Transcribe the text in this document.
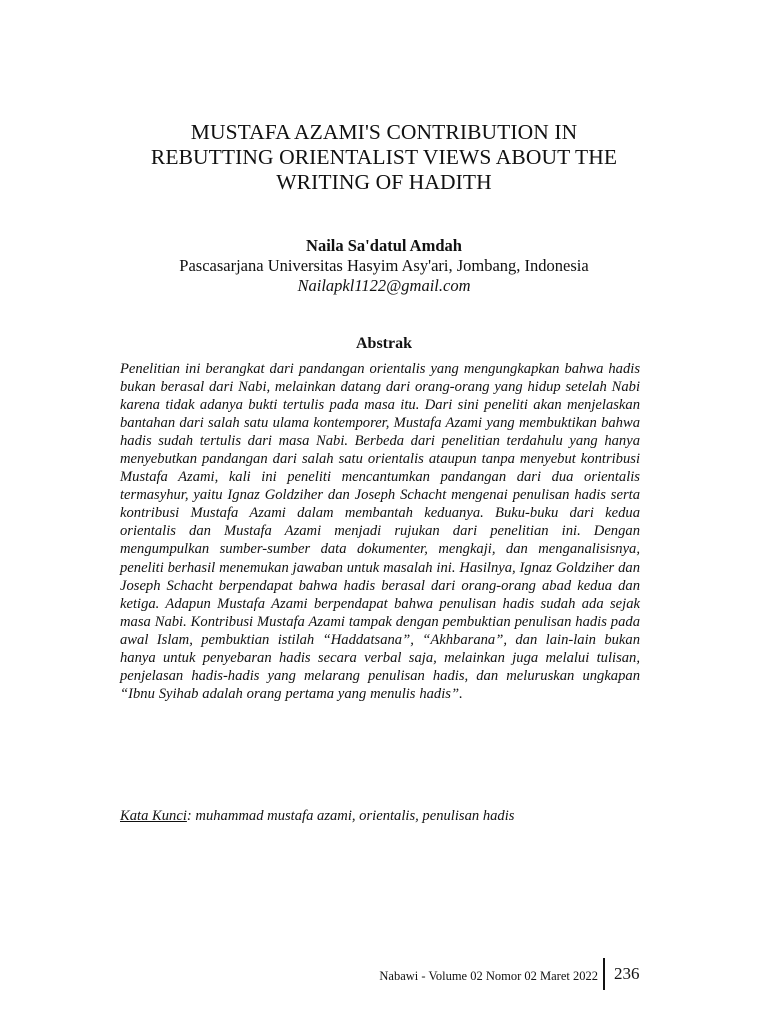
MUSTAFA AZAMI'S CONTRIBUTION IN
REBUTTING ORIENTALIST VIEWS ABOUT THE
WRITING OF HADITH
Naila Sa'datul Amdah
Pascasarjana Universitas Hasyim Asy'ari, Jombang, Indonesia
Nailapkl1122@gmail.com
Abstrak

Penelitian ini berangkat dari pandangan orientalis yang mengungkapkan bahwa hadis bukan berasal dari Nabi, melainkan datang dari orang-orang yang hidup setelah Nabi karena tidak adanya bukti tertulis pada masa itu. Dari sini peneliti akan menjelaskan bantahan dari salah satu ulama kontemporer, Mustafa Azami yang membuktikan bahwa hadis sudah tertulis dari masa Nabi. Berbeda dari penelitian terdahulu yang hanya menyebutkan pandangan dari salah satu orientalis ataupun tanpa menyebut kontribusi Mustafa Azami, kali ini peneliti mencantumkan pandangan dari dua orientalis termasyhur, yaitu Ignaz Goldziher dan Joseph Schacht mengenai penulisan hadis serta kontribusi Mustafa Azami dalam membantah keduanya. Buku-buku dari kedua orientalis dan Mustafa Azami menjadi rujukan dari penelitian ini. Dengan mengumpulkan sumber-sumber data dokumenter, mengkaji, dan menganalisisnya, peneliti berhasil menemukan jawaban untuk masalah ini. Hasilnya, Ignaz Goldziher dan Joseph Schacht berpendapat bahwa hadis berasal dari orang-orang abad kedua dan ketiga. Adapun Mustafa Azami berpendapat bahwa penulisan hadis sudah ada sejak masa Nabi. Kontribusi Mustafa Azami tampak dengan pembuktian penulisan hadis pada awal Islam, pembuktian istilah “Haddatsana”, “Akhbarana”, dan lain-lain bukan hanya untuk penyebaran hadis secara verbal saja, melainkan juga melalui tulisan, penjelasan hadis-hadis yang melarang penulisan hadis, dan meluruskan ungkapan “Ibnu Syihab adalah orang pertama yang menulis hadis”.

Kata Kunci: muhammad mustafa azami, orientalis, penulisan hadis

Nabawi - Volume 02 Nomor 02 Maret 2022 236
